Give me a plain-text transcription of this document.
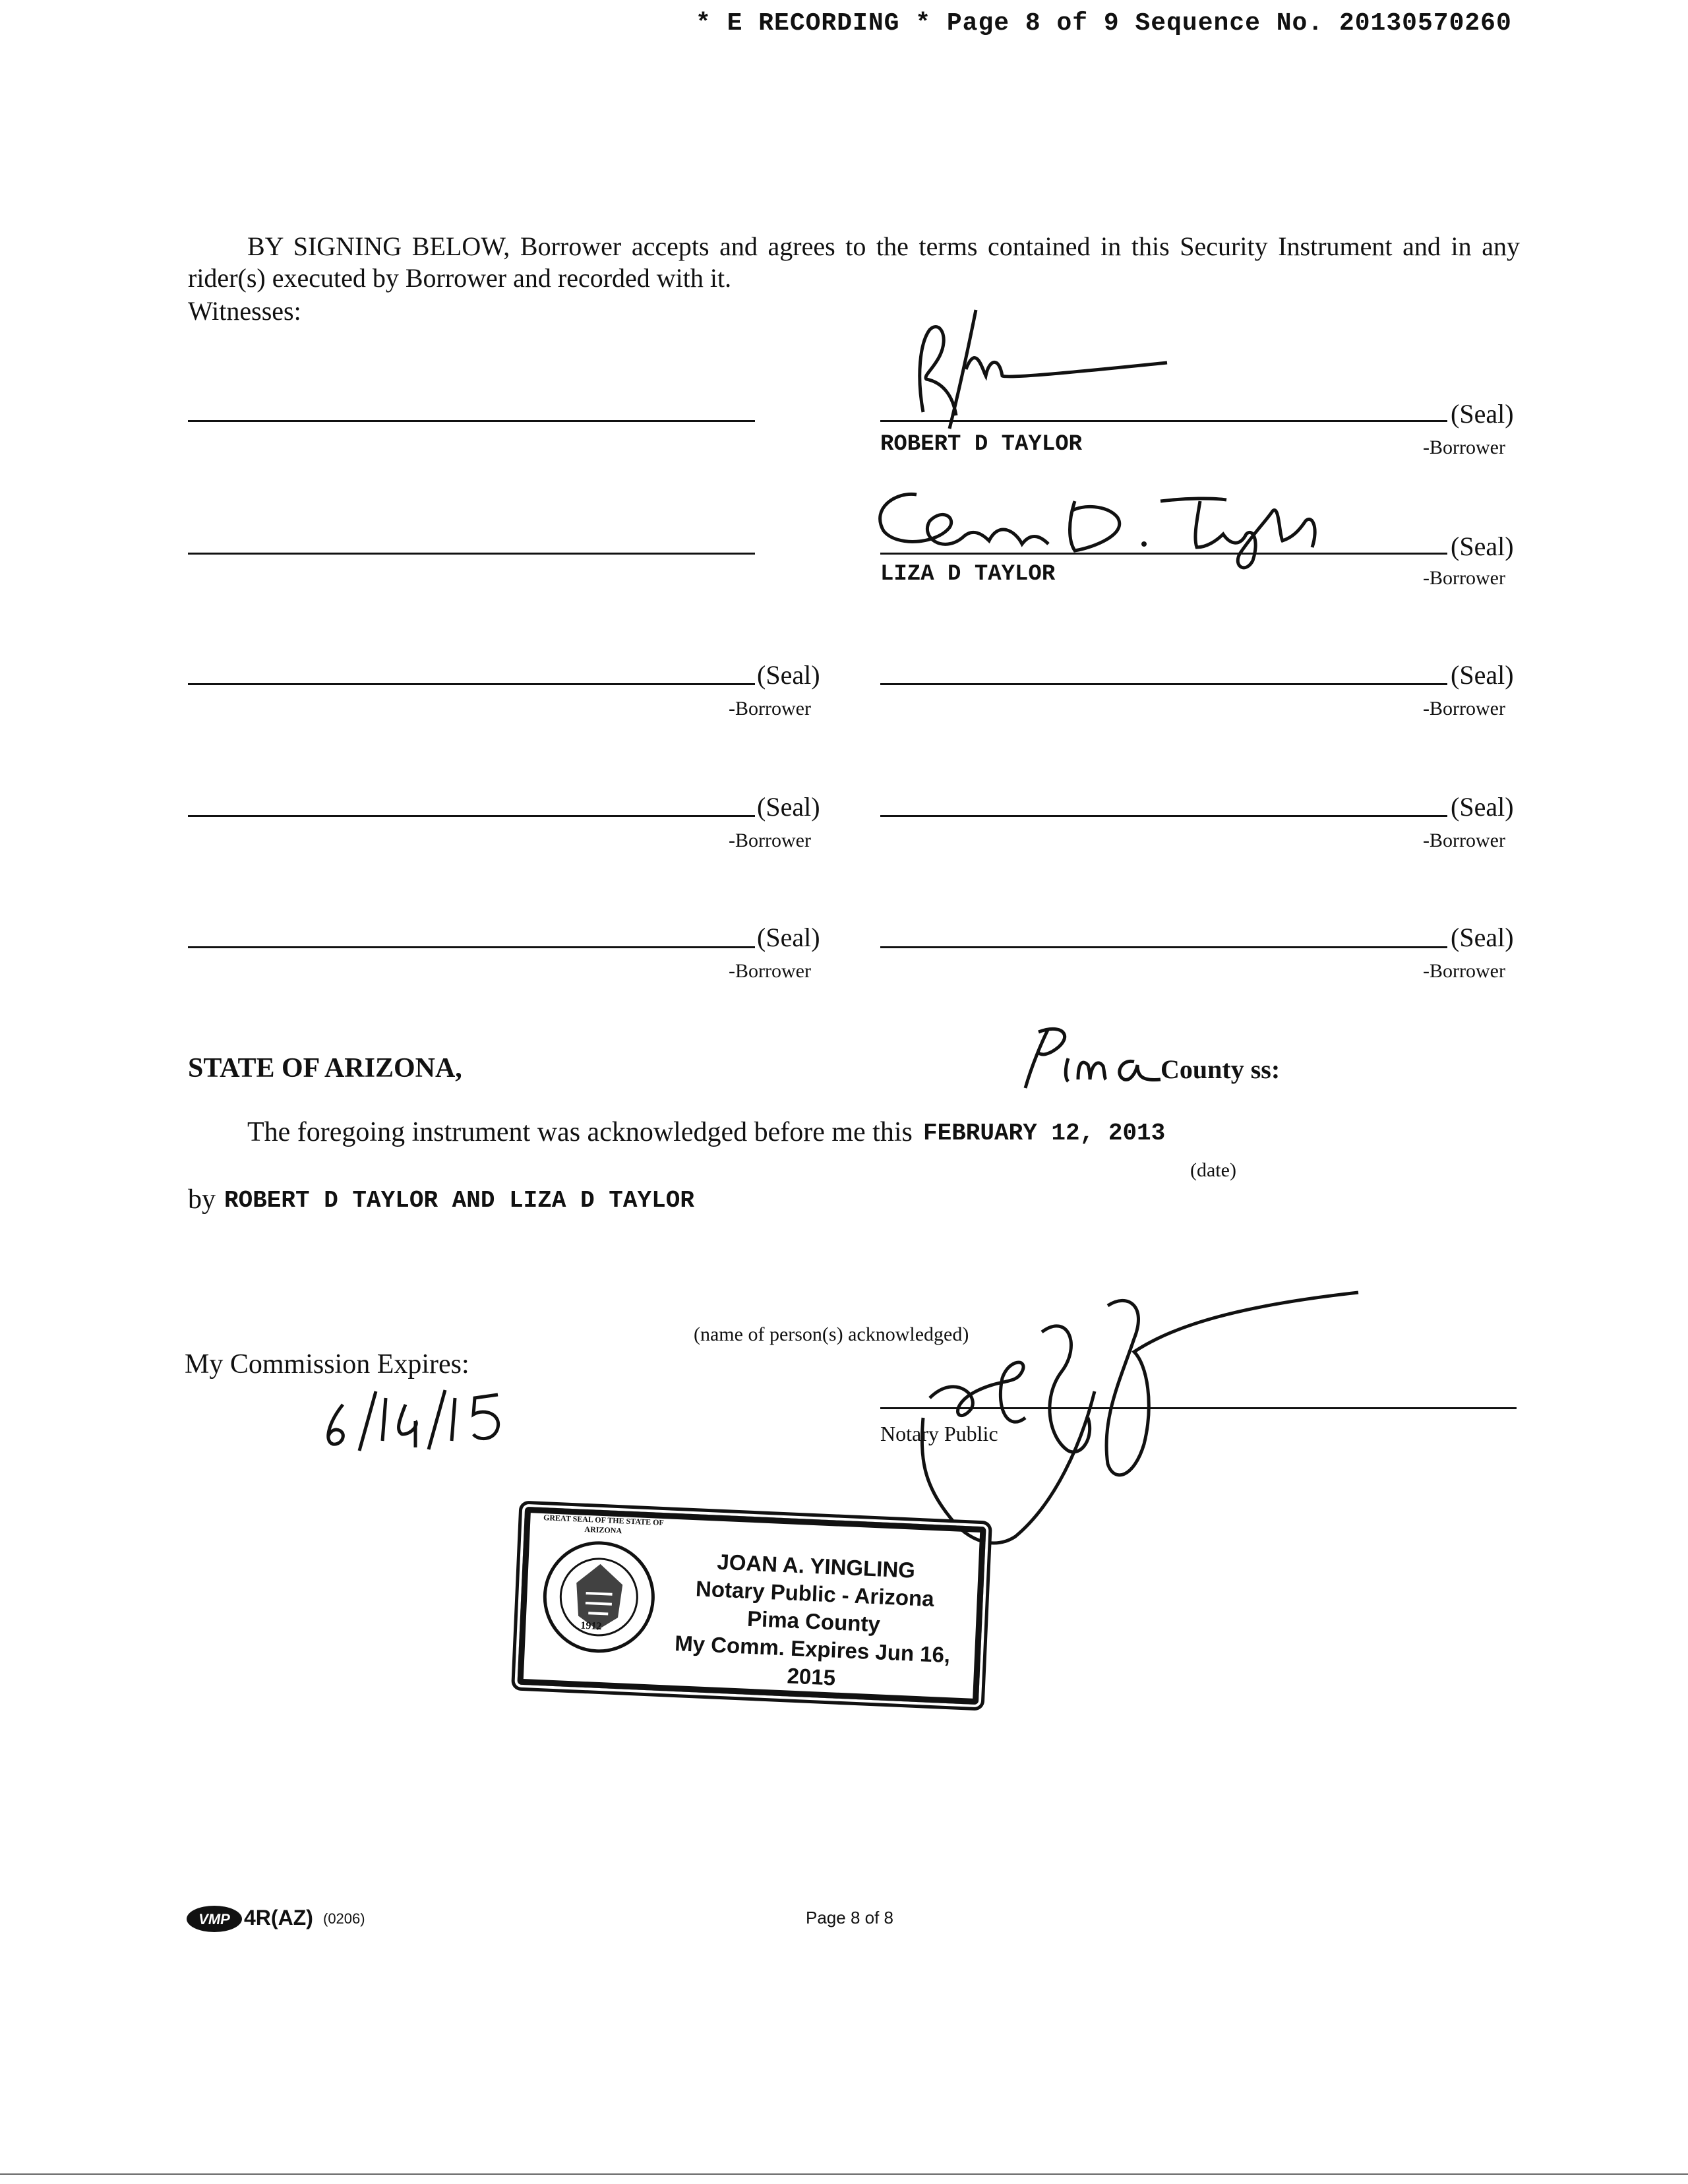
* E RECORDING * Page 8 of 9 Sequence No. 20130570260
BY SIGNING BELOW, Borrower accepts and agrees to the terms contained in this Security Instrument and in any rider(s) executed by Borrower and recorded with it.
Witnesses:
(Seal)
ROBERT D TAYLOR	-Borrower
(Seal)
LIZA D TAYLOR	-Borrower
(Seal)
-Borrower
(Seal)
-Borrower
(Seal)
-Borrower
(Seal)
-Borrower
(Seal)
-Borrower
(Seal)
-Borrower
STATE OF ARIZONA,	County ss:
The foregoing instrument was acknowledged before me this FEBRUARY 12, 2013
(date)
by ROBERT D TAYLOR AND LIZA D TAYLOR
(name of person(s) acknowledged)
Notary Public
My Commission Expires:
1912
GREAT SEAL OF THE STATE OF ARIZONA
JOAN A. YINGLING
Notary Public - Arizona
Pima County
My Comm. Expires Jun 16, 2015
VMP 4R(AZ) (0206)	Page 8 of 8
